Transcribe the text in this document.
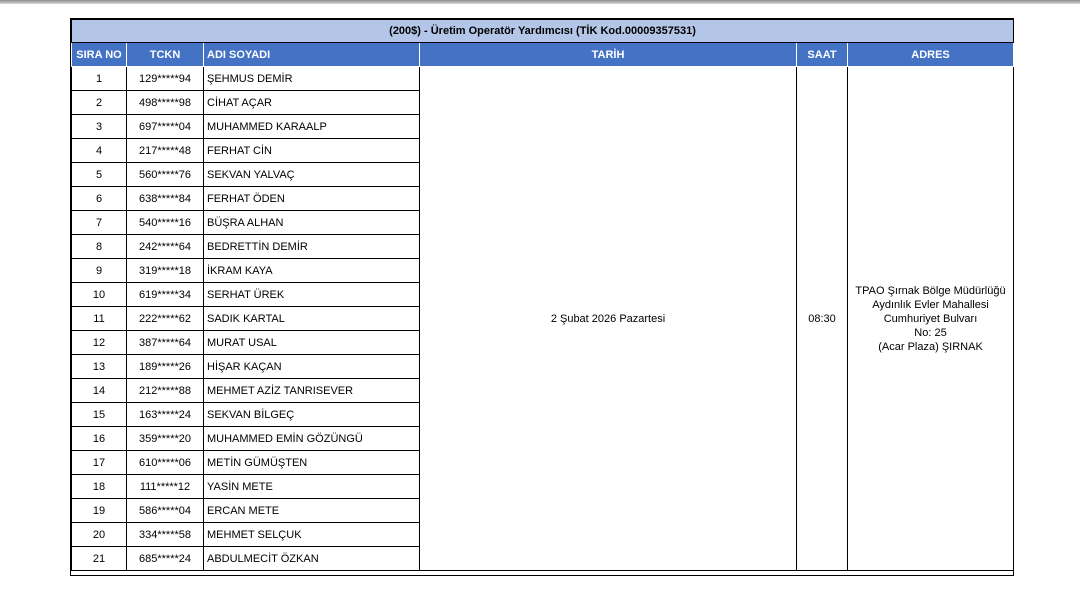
(200$) - Üretim Operatör Yardımcısı (TİK Kod.00009357531)					
SIRA NO	TCKN	ADI SOYADI	TARİH	SAAT	ADRES
1	129*****94	ŞEHMUS DEMİR	2 Şubat 2026 Pazartesi	08:30	TPAO Şırnak Bölge Müdürlüğü
Aydınlık Evler Mahallesi
Cumhuriyet Bulvarı
No: 25
(Acar Plaza) ŞIRNAK

2	498*****98	CİHAT AÇAR			
3	697*****04	MUHAMMED KARAALP			
4	217*****48	FERHAT CİN			
5	560*****76	SEKVAN YALVAÇ			
6	638*****84	FERHAT ÖDEN			
7	540*****16	BÜŞRA ALHAN			
8	242*****64	BEDRETTİN DEMİR			
9	319*****18	İKRAM KAYA			
10	619*****34	SERHAT ÜREK			
11	222*****62	SADIK KARTAL			
12	387*****64	MURAT USAL			
13	189*****26	HİŞAR KAÇAN			
14	212*****88	MEHMET AZİZ TANRISEVER			
15	163*****24	SEKVAN BİLGEÇ			
16	359*****20	MUHAMMED EMİN GÖZÜNGÜ			
17	610*****06	METİN GÜMÜŞTEN			
18	111*****12	YASİN METE			
19	586*****04	ERCAN METE			
20	334*****58	MEHMET SELÇUK			
21	685*****24	ABDULMECİT ÖZKAN			
